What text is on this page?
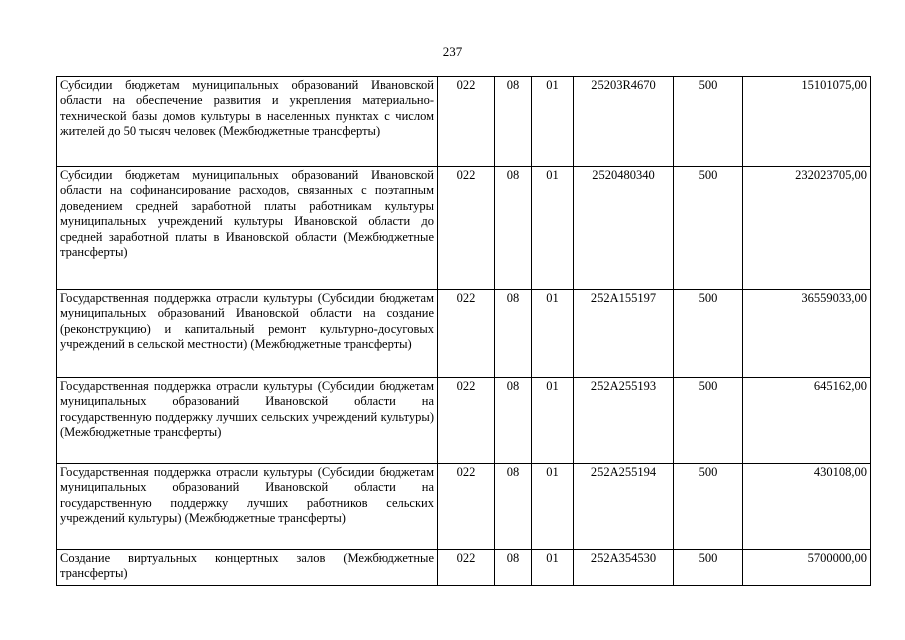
237
Субсидии бюджетам муниципальных образований Ивановской области на обеспечение развития и укрепления материально-технической базы домов культуры в населенных пунктах с числом жителей до 50 тысяч человек (Межбюджетные трансферты)	022	08	01	25203R4670	500	15101075,00
Субсидии бюджетам муниципальных образований Ивановской области на софинансирование расходов, связанных с поэтапным доведением средней заработной платы работникам культуры муниципальных учреждений культуры Ивановской области до средней заработной платы в Ивановской области (Межбюджетные трансферты)	022	08	01	2520480340	500	232023705,00
Государственная поддержка отрасли культуры (Субсидии бюджетам муниципальных образований Ивановской области на создание (реконструкцию) и капитальный ремонт культурно-досуговых учреждений в сельской местности) (Межбюджетные трансферты)	022	08	01	252A155197	500	36559033,00
Государственная поддержка отрасли культуры (Субсидии бюджетам муниципальных образований Ивановской области на государственную поддержку лучших сельских учреждений культуры) (Межбюджетные трансферты)	022	08	01	252A255193	500	645162,00
Государственная поддержка отрасли культуры (Субсидии бюджетам муниципальных образований Ивановской области на государственную поддержку лучших работников сельских учреждений культуры) (Межбюджетные трансферты)	022	08	01	252A255194	500	430108,00
Создание виртуальных концертных залов (Межбюджетные трансферты)	022	08	01	252A354530	500	5700000,00
